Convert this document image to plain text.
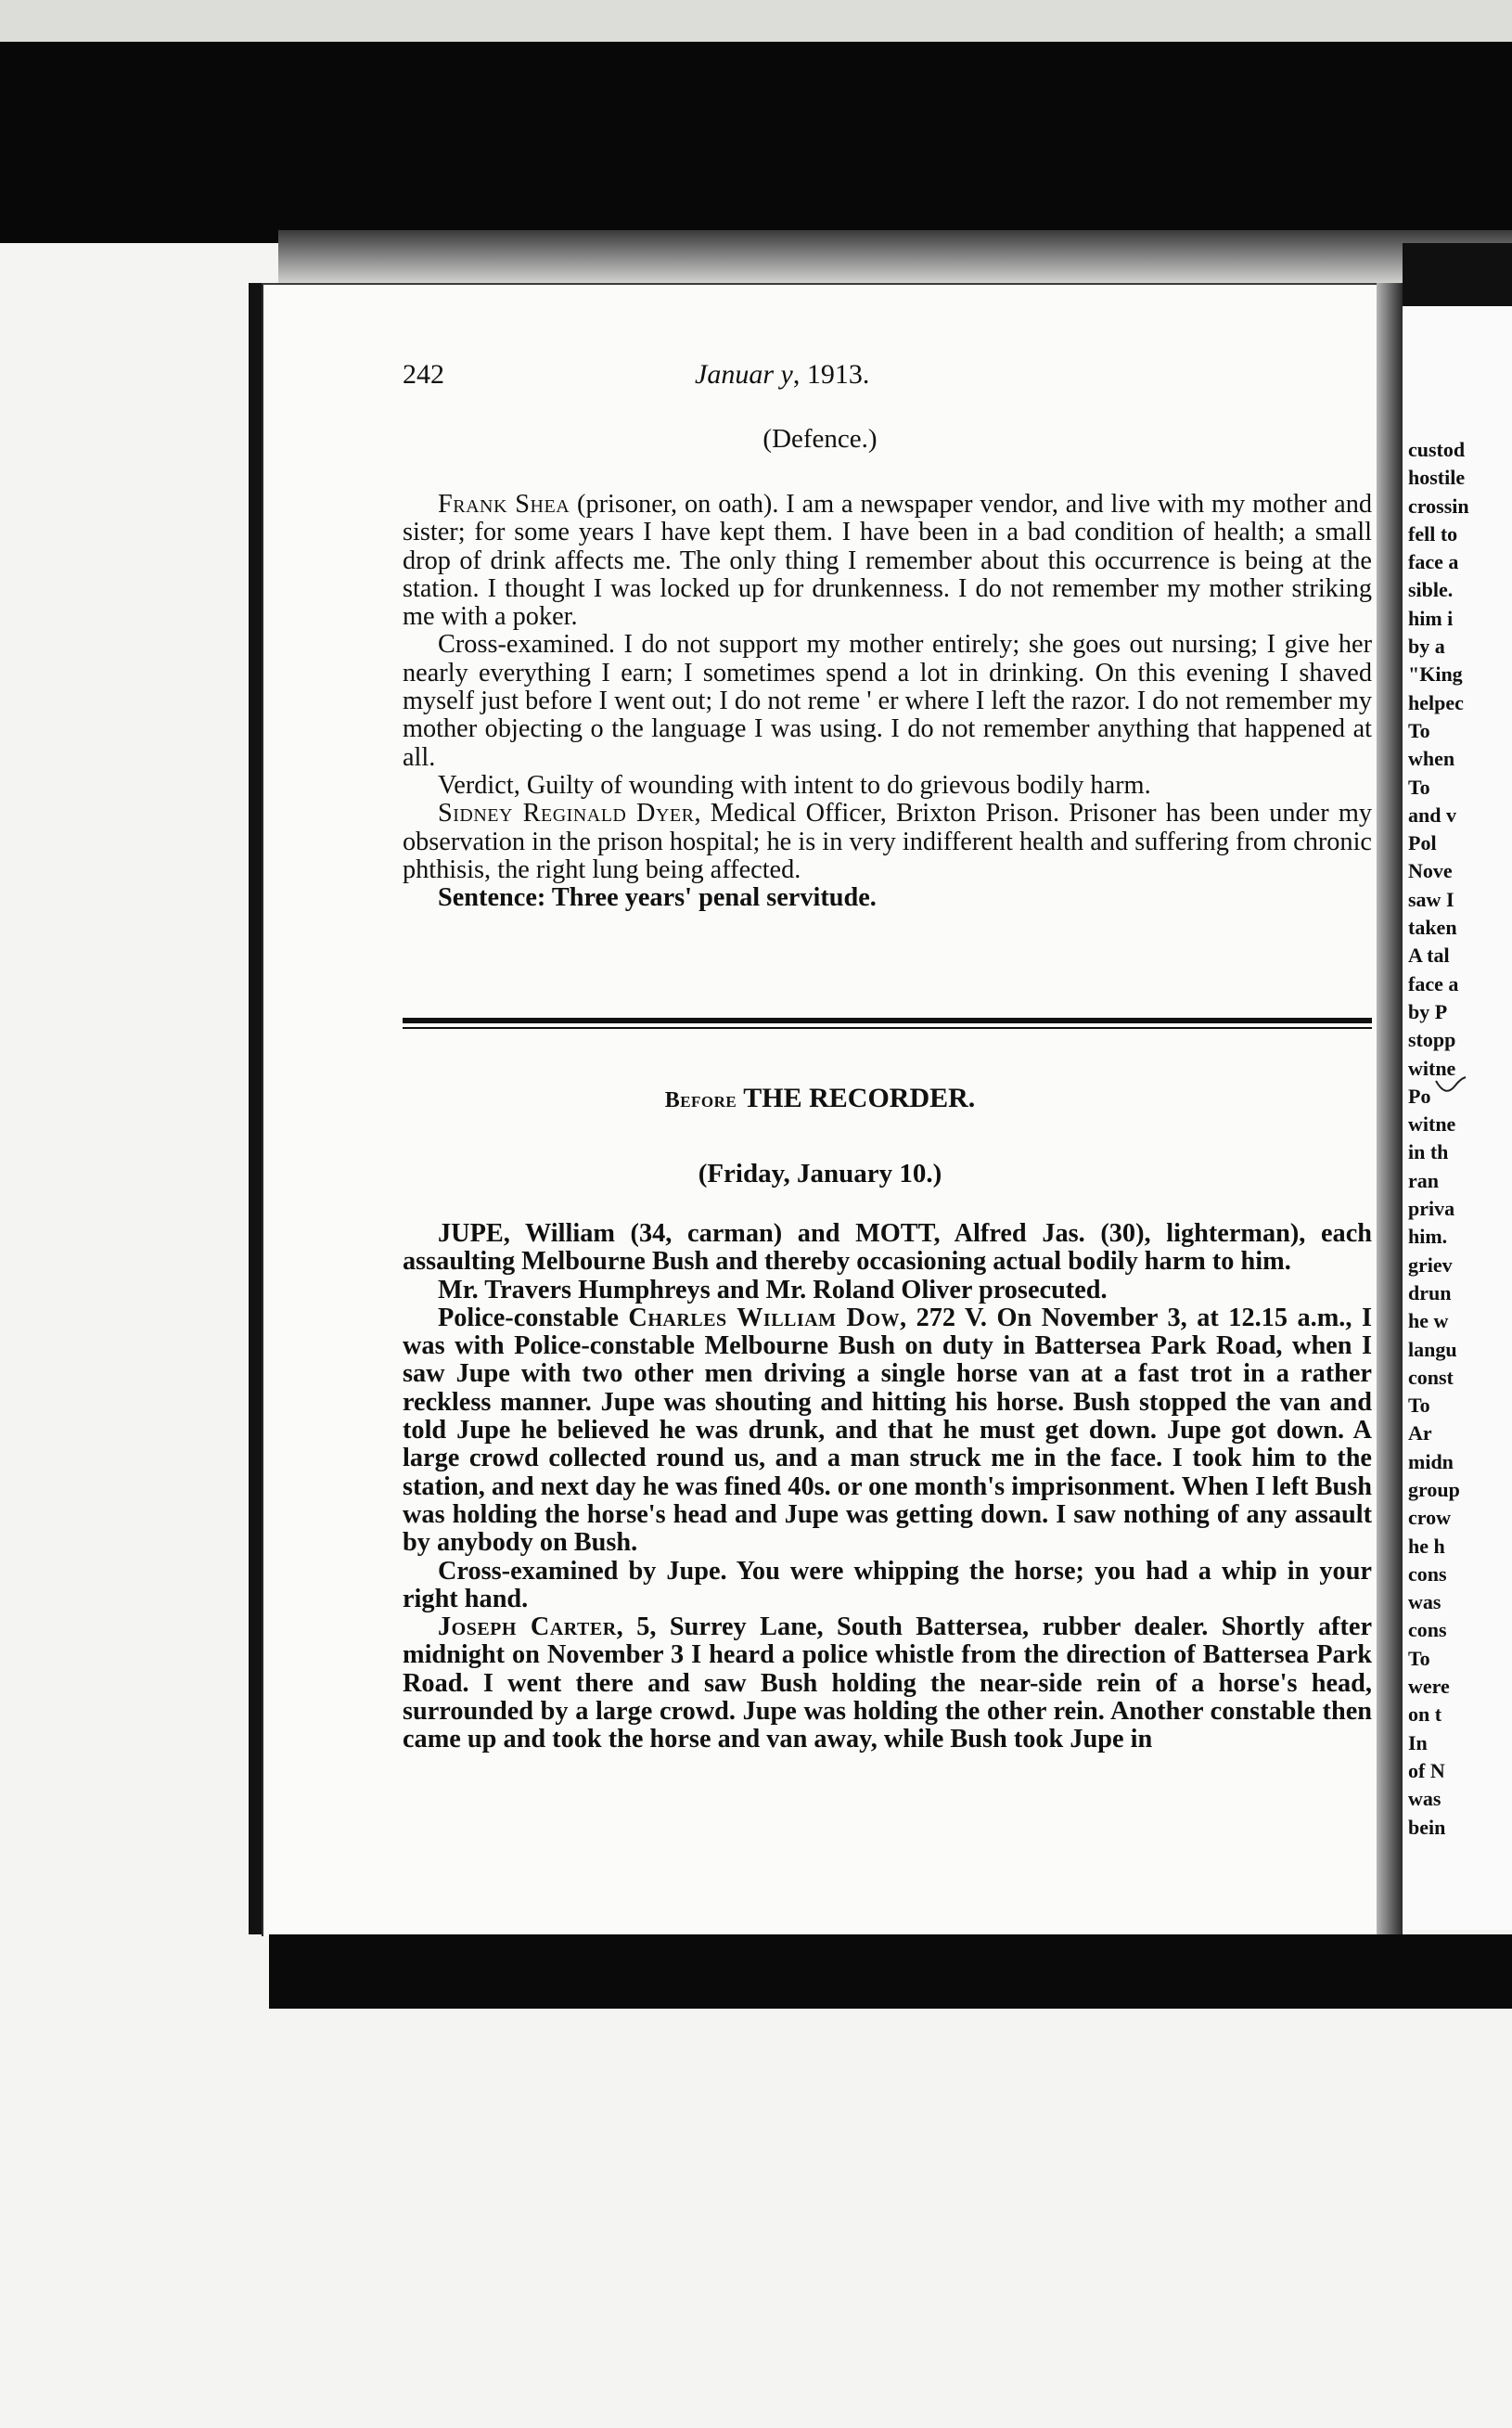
custod
hostile
crossin
fell to
face a
sible.
him i
by a
"King
helpec
To
when
To
and v
Pol
Nove
saw I
taken
A tal
face a
by P
stopp
witne
Po
witne
in th
ran
priva
him.
griev
drun
he w
langu
const
To
Ar
midn
group
crow
he h
cons
was
cons
To
were
on t
In
of N
was
bein
242	Januar y, 1913.
(Defence.)

Frank Shea (prisoner, on oath). I am a newspaper vendor, and live with my mother and sister; for some years I have kept them. I have been in a bad condition of health; a small drop of drink affects me. The only thing I remember about this occurrence is being at the station. I thought I was locked up for drunkenness. I do not remember my mother striking me with a poker.

Cross-examined. I do not support my mother entirely; she goes out nursing; I give her nearly everything I earn; I sometimes spend a lot in drinking. On this evening I shaved myself just before I went out; I do not reme ' er where I left the razor. I do not remember my mother objecting o the language I was using. I do not remember anything that happened at all.

Verdict, Guilty of wounding with intent to do grievous bodily harm.

Sidney Reginald Dyer, Medical Officer, Brixton Prison. Prisoner has been under my observation in the prison hospital; he is in very indifferent health and suffering from chronic phthisis, the right lung being affected.

Sentence: Three years' penal servitude.

Before THE RECORDER.
(Friday, January 10.)

JUPE, William (34, carman) and MOTT, Alfred Jas. (30), lighterman), each assaulting Melbourne Bush and thereby occasioning actual bodily harm to him.

Mr. Travers Humphreys and Mr. Roland Oliver prosecuted.

Police-constable Charles William Dow, 272 V. On November 3, at 12.15 a.m., I was with Police-constable Melbourne Bush on duty in Battersea Park Road, when I saw Jupe with two other men driving a single horse van at a fast trot in a rather reckless manner. Jupe was shouting and hitting his horse. Bush stopped the van and told Jupe he believed he was drunk, and that he must get down. Jupe got down. A large crowd collected round us, and a man struck me in the face. I took him to the station, and next day he was fined 40s. or one month's imprisonment. When I left Bush was holding the horse's head and Jupe was getting down. I saw nothing of any assault by anybody on Bush.

Cross-examined by Jupe. You were whipping the horse; you had a whip in your right hand.

Joseph Carter, 5, Surrey Lane, South Battersea, rubber dealer. Shortly after midnight on November 3 I heard a police whistle from the direction of Battersea Park Road. I went there and saw Bush holding the near-side rein of a horse's head, surrounded by a large crowd. Jupe was holding the other rein. Another constable then came up and took the horse and van away, while Bush took Jupe in
